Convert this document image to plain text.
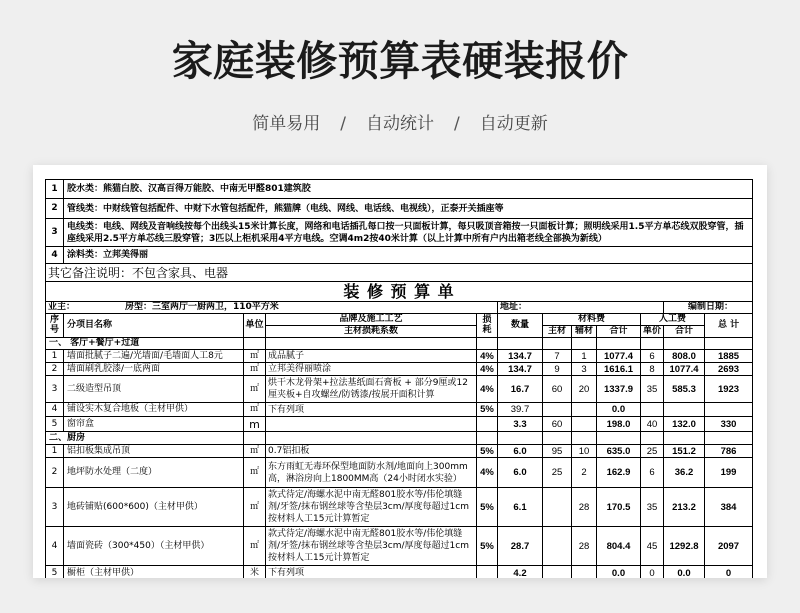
家庭装修预算表硬装报价
简单易用 / 自动统计 / 自动更新
1	胶水类：熊猫白胶、汉高百得万能胶、中南无甲醛801建筑胶										
2	管线类：中财线管包括配件、中财下水管包括配件，熊猫牌（电线、网线、电话线、电视线），正泰开关插座等										
3	电线类：电线、网线及音响线按每个出线头15米计算长度，网络和电话插孔每口按一只面板计算，每只吸顶音箱按一只面板计算；照明线采用1.5平方单芯线双股穿管，插座线采用2.5平方单芯线三股穿管；3匹以上柜机采用4平方电线。空调4m2按40米计算（以上计算中所有户内出箱老线全部换为新线）										
4	涂料类：立邦美得丽										
其它备注说明：不包含家具、电器											
装 修 预 算 单											
业主： 房型：三室两厅一厨两卫，110平方米					地址：					编制日期：	
序号	分项目名称	单位	品牌及施工工艺	损耗	数量	材料费			人工费		总 计
			主材损耗系数			主材	辅材	合计	单价	合计	
一、 客厅+餐厅+过道											
1	墙面批腻子二遍/光墙面/毛墙面人工8元	㎡	成品腻子	4%	134.7	7	1	1077.4	6	808.0	1885
2	墙面刷乳胶漆/一底两面	㎡	立邦美得丽喷涂	4%	134.7	9	3	1616.1	8	1077.4	2693
3	二级造型吊顶	㎡	烘干木龙骨架+拉法基纸面石膏板 + 部分9厘或12厘夹板+自攻螺丝/防锈漆/按展开面积计算	4%	16.7	60	20	1337.9	35	585.3	1923
4	铺设实木复合地板（主材甲供）	㎡	下有列项	5%	39.7			0.0			
5	窗帘盒	m			3.3	60		198.0	40	132.0	330
二、厨房											
1	铝扣板集成吊顶	㎡	0.7铝扣板	5%	6.0	95	10	635.0	25	151.2	786
2	地坪防水处理（二度）	㎡	东方雨虹无毒环保型地面防水剂/地面向上300mm高，淋浴房向上1800MM高（24小时闭水实验）	4%	6.0	25	2	162.9	6	36.2	199
3	地砖铺贴(600*600)（主材甲供）	㎡	款式待定/海螺水泥中南无醛801胶水等/伟伦填缝剂/牙签/抹布钢丝球等含垫层3cm/厚度每超过1cm按材料人工15元计算暂定	5%	6.1		28	170.5	35	213.2	384
4	墙面瓷砖（300*450）（主材甲供）	㎡	款式待定/海螺水泥中南无醛801胶水等/伟伦填缝剂/牙签/抹布钢丝球等含垫层3cm/厚度每超过1cm按材料人工15元计算暂定	5%	28.7		28	804.4	45	1292.8	2097
5	橱柜（主材甲供）	米	下有列项		4.2			0.0	0	0.0	0
